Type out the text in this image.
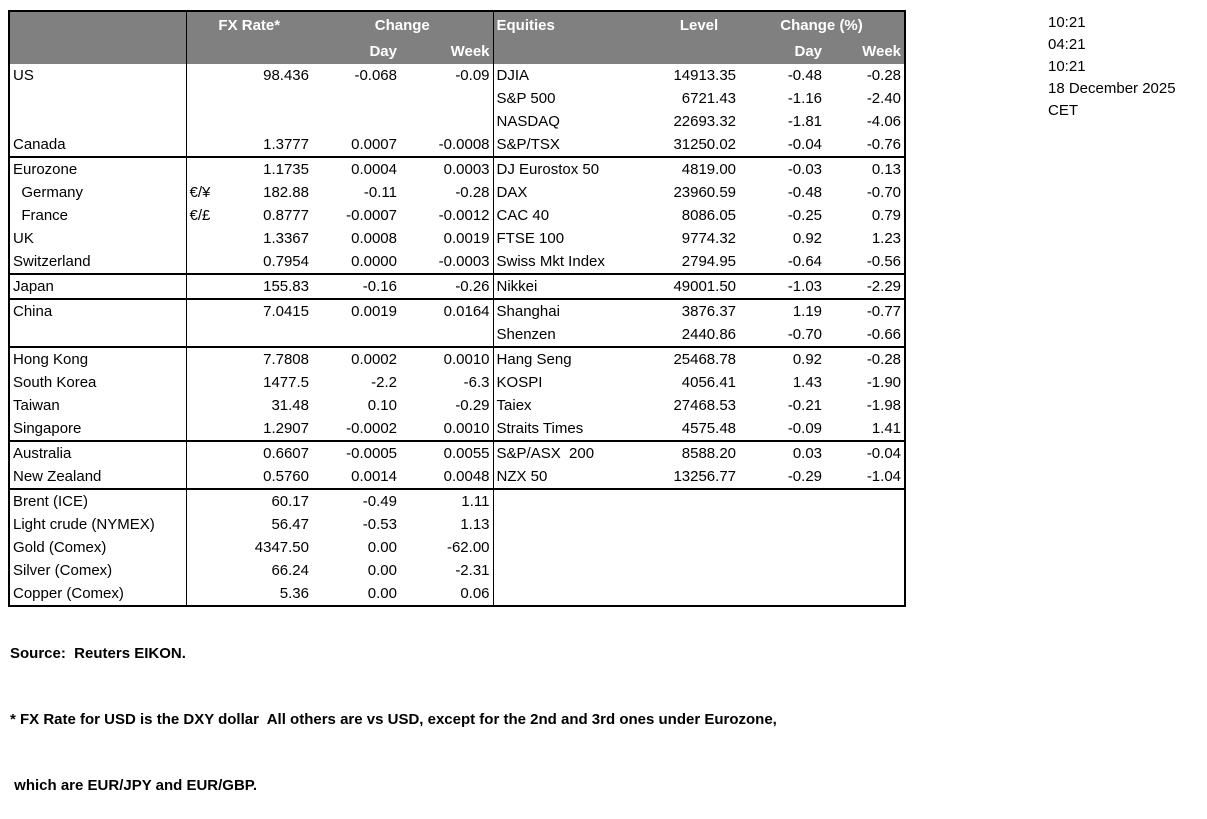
	FX Rate*		Change		Equities	Level	Change (%)	
			Day	Week			Day	Week
US		98.436	-0.068	-0.09	DJIA	14913.35	-0.48	-0.28
					S&P 500	6721.43	-1.16	-2.40
					NASDAQ	22693.32	-1.81	-4.06
Canada		1.3777	0.0007	-0.0008	S&P/TSX	31250.02	-0.04	-0.76
Eurozone		1.1735	0.0004	0.0003	DJ Eurostox 50	4819.00	-0.03	0.13
Germany	€/¥	182.88	-0.11	-0.28	DAX	23960.59	-0.48	-0.70
France	€/£	0.8777	-0.0007	-0.0012	CAC 40	8086.05	-0.25	0.79
UK		1.3367	0.0008	0.0019	FTSE 100	9774.32	0.92	1.23
Switzerland		0.7954	0.0000	-0.0003	Swiss Mkt Index	2794.95	-0.64	-0.56
Japan		155.83	-0.16	-0.26	Nikkei	49001.50	-1.03	-2.29
China		7.0415	0.0019	0.0164	Shanghai	3876.37	1.19	-0.77
					Shenzen	2440.86	-0.70	-0.66
Hong Kong		7.7808	0.0002	0.0010	Hang Seng	25468.78	0.92	-0.28
South Korea		1477.5	-2.2	-6.3	KOSPI	4056.41	1.43	-1.90
Taiwan		31.48	0.10	-0.29	Taiex	27468.53	-0.21	-1.98
Singapore		1.2907	-0.0002	0.0010	Straits Times	4575.48	-0.09	1.41
Australia		0.6607	-0.0005	0.0055	S&P/ASX  200	8588.20	0.03	-0.04
New Zealand		0.5760	0.0014	0.0048	NZX 50	13256.77	-0.29	-1.04
Brent (ICE)		60.17	-0.49	1.11				
Light crude (NYMEX)		56.47	-0.53	1.13				
Gold (Comex)		4347.50	0.00	-62.00				
Silver (Comex)		66.24	0.00	-2.31				
Copper (Comex)		5.36	0.00	0.06				
10:21
04:21
10:21
18 December 2025
CET

Source:  Reuters EIKON.

* FX Rate for USD is the DXY dollar  All others are vs USD, except for the 2nd and 3rd ones under Eurozone,

which are EUR/JPY and EUR/GBP.
